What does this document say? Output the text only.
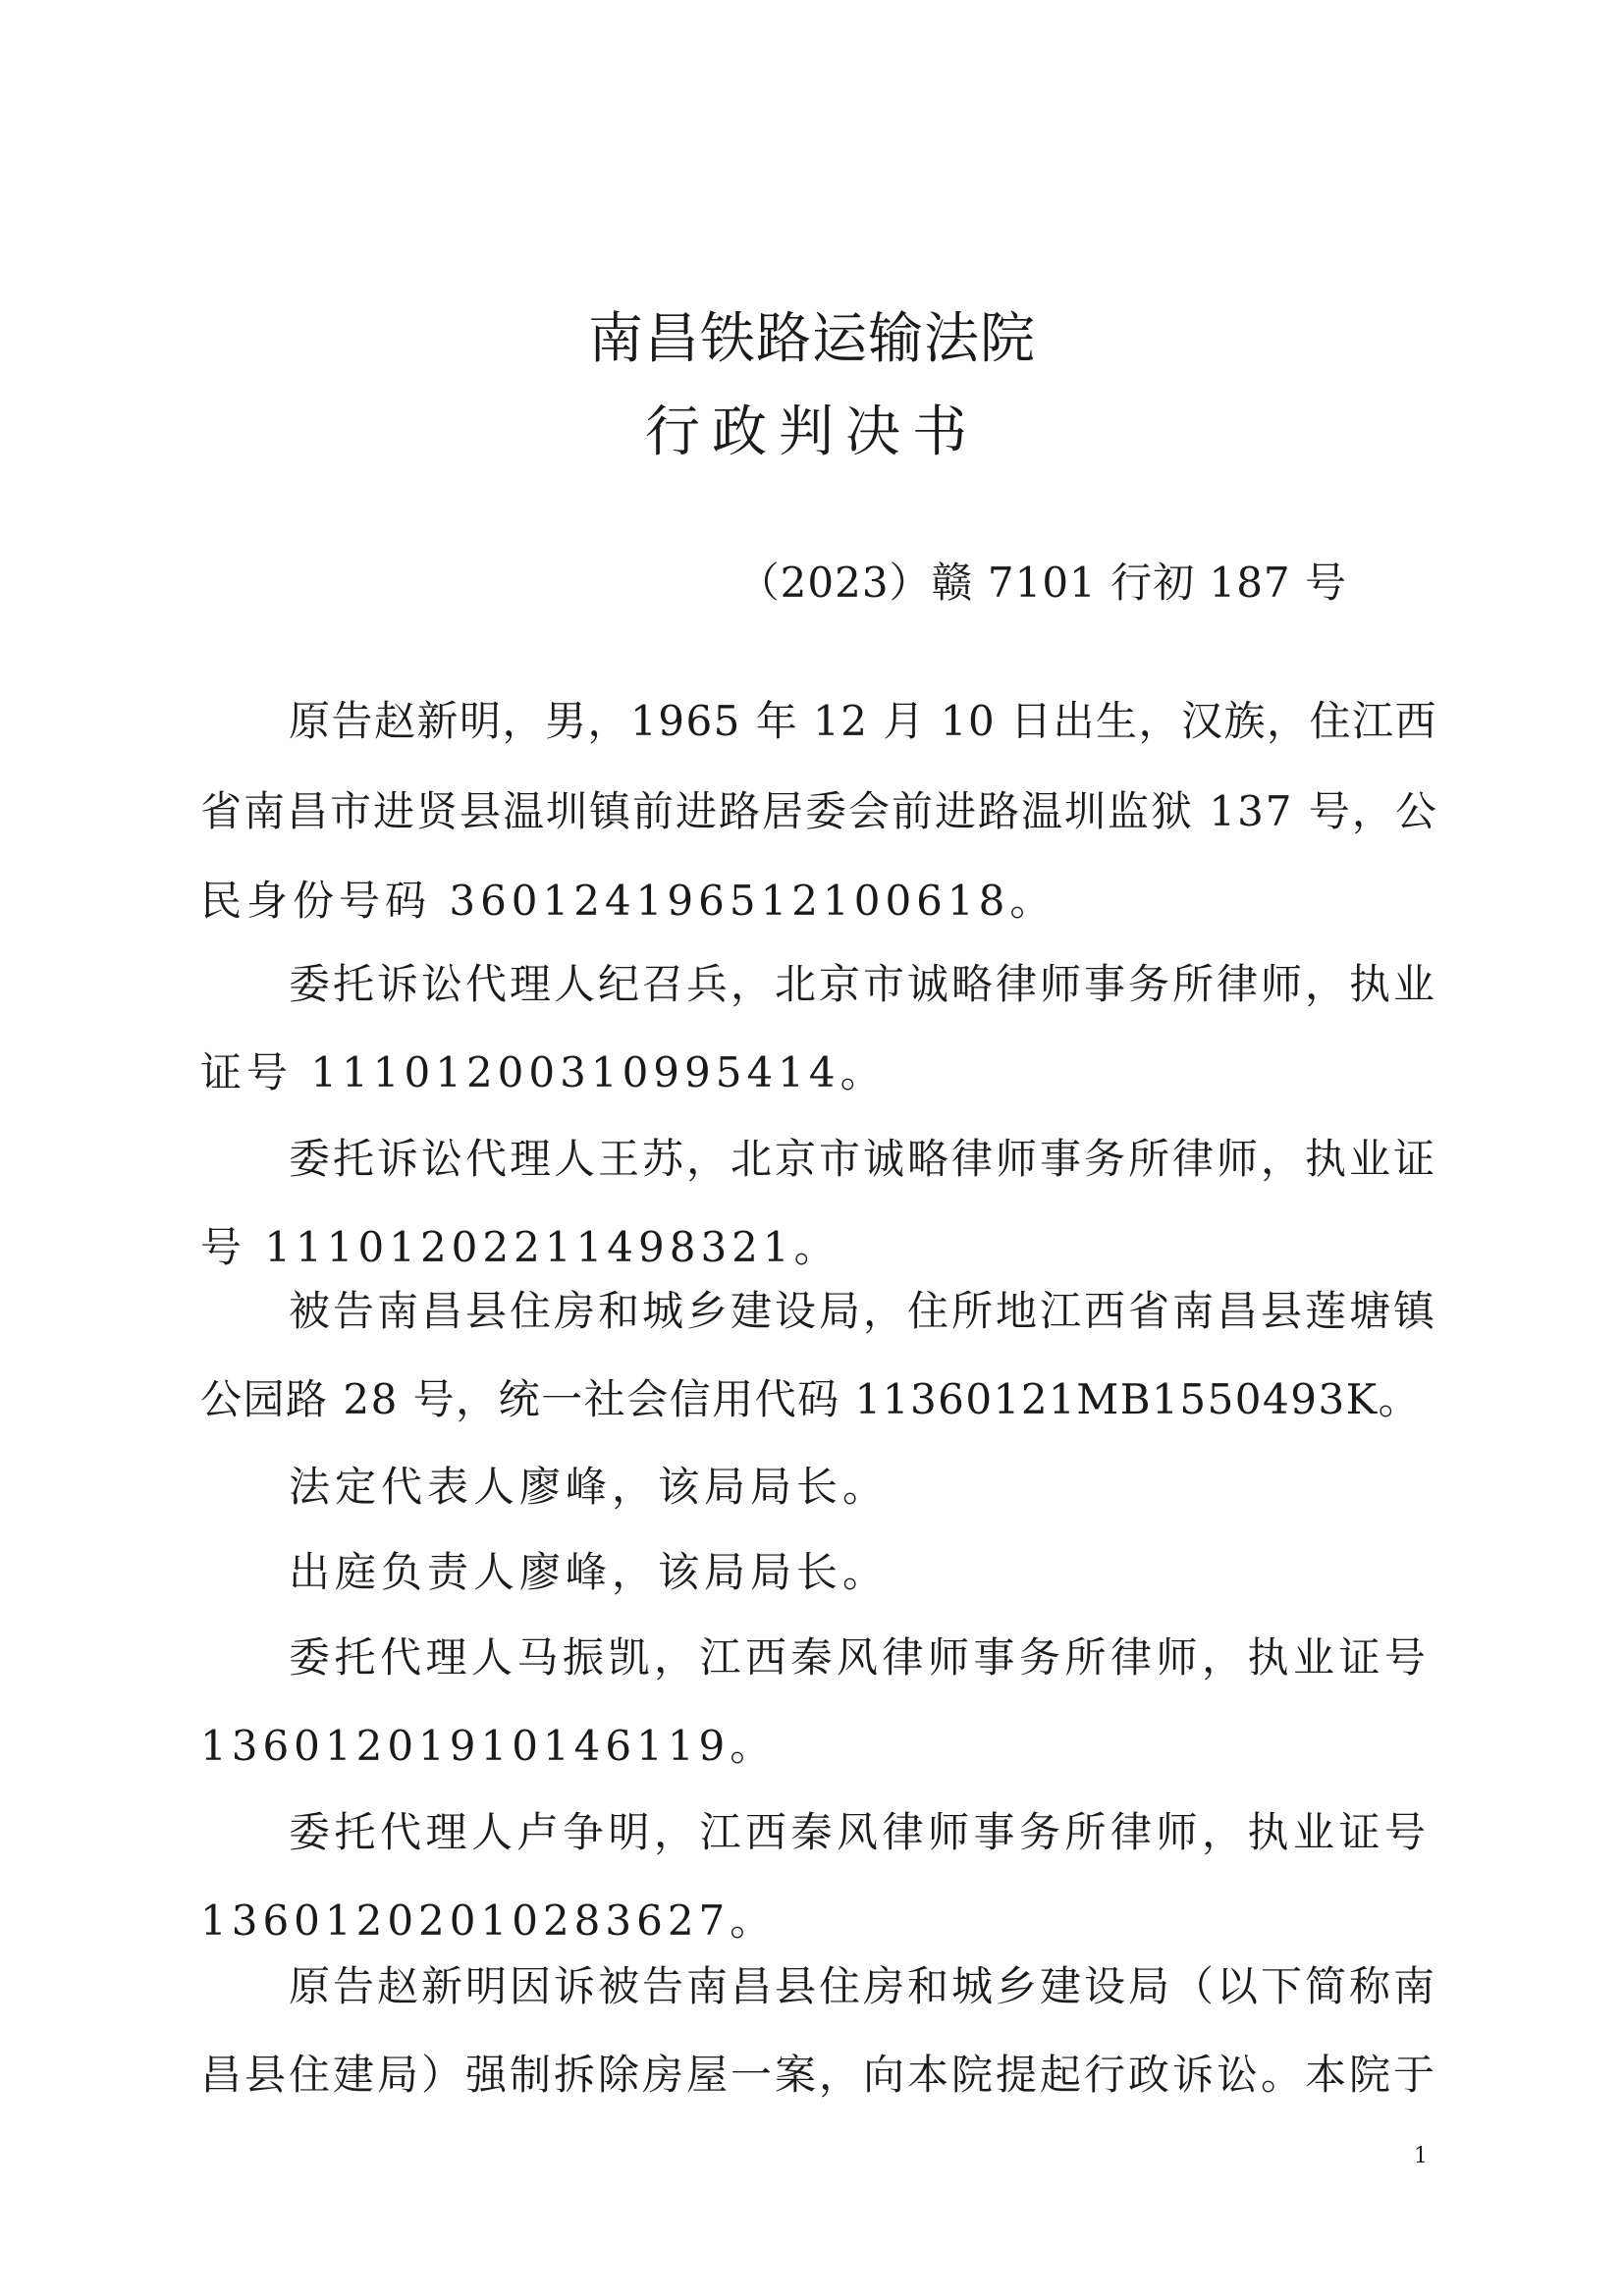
南昌铁路运输法院
行政判决书
（2023）赣 7101 行初 187 号
原告赵新明，男，1965 年 12 月 10 日出生，汉族，住江西
省南昌市进贤县温圳镇前进路居委会前进路温圳监狱 137 号，公
民身份号码 360124196512100618。
委托诉讼代理人纪召兵，北京市诚略律师事务所律师，执业
证号 11101200310995414。
委托诉讼代理人王苏，北京市诚略律师事务所律师，执业证
号 11101202211498321。
被告南昌县住房和城乡建设局，住所地江西省南昌县莲塘镇
公园路 28 号，统一社会信用代码 11360121MB1550493K。
法定代表人廖峰，该局局长。
出庭负责人廖峰，该局局长。
委托代理人马振凯，江西秦风律师事务所律师，执业证号
13601201910146119。
委托代理人卢争明，江西秦风律师事务所律师，执业证号
13601202010283627。
原告赵新明因诉被告南昌县住房和城乡建设局（以下简称南
昌县住建局）强制拆除房屋一案，向本院提起行政诉讼。本院于
1
